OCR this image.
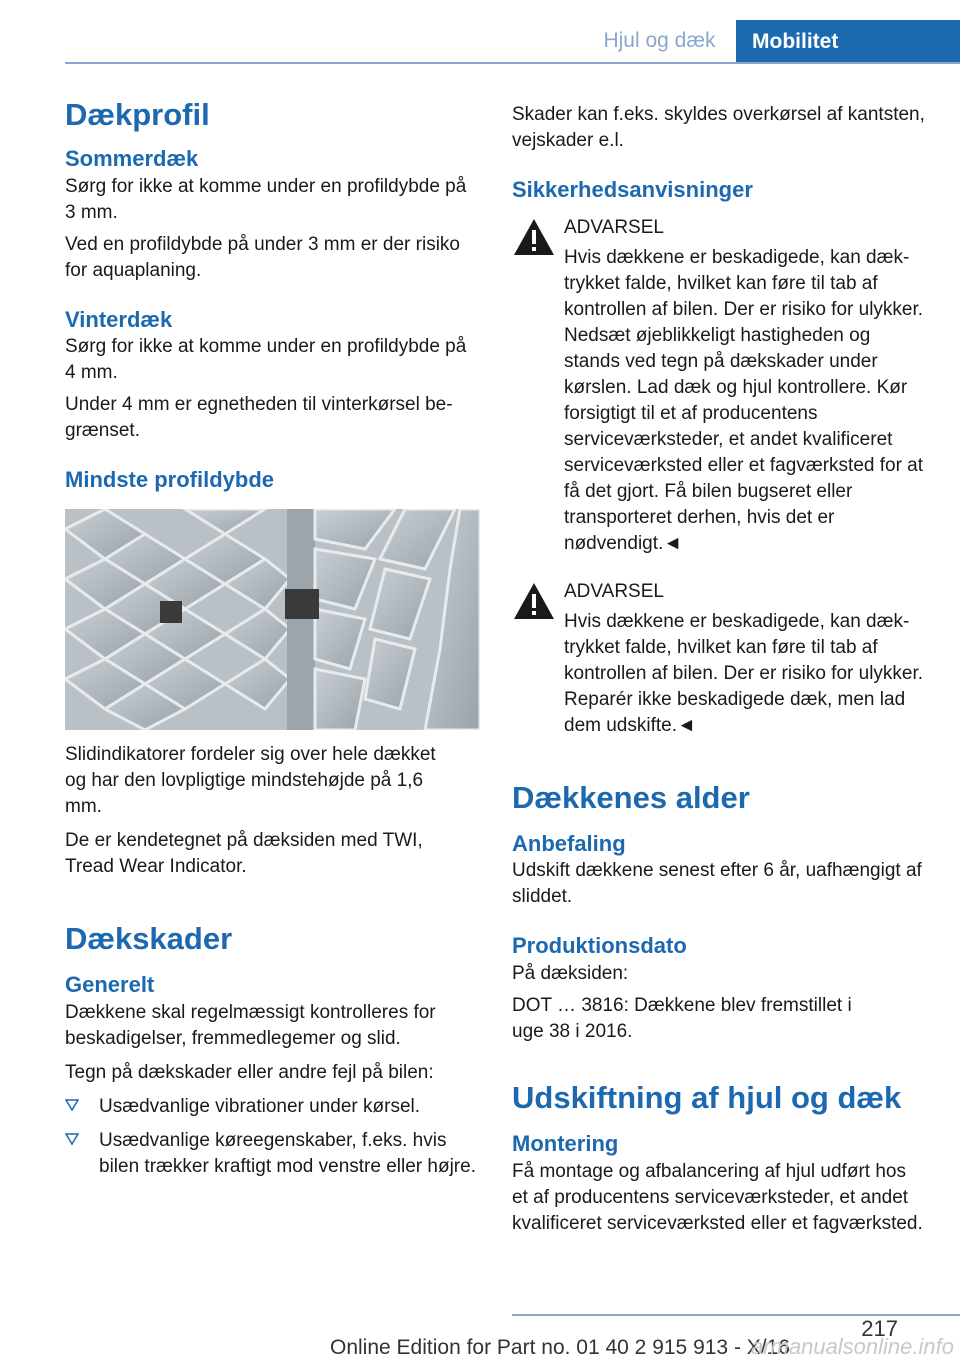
Hjul og dæk	Mobilitet
Dækprofil
Sommerdæk

Sørg for ikke at komme under en profildybde på 3 mm.

Ved en profildybde på under 3 mm er der risiko for aquaplaning.

Vinterdæk

Sørg for ikke at komme under en profildybde på 4 mm.

Under 4 mm er egnetheden til vinterkørsel begrænset.

Mindste profildybde

Slidindikatorer fordeler sig over hele dækket og har den lovpligtige mindstehøjde på 1,6 mm.

De er kendetegnet på dæksiden med TWI, Tread Wear Indicator.

Dækskader
Generelt

Dækkene skal regelmæssigt kontrolleres for beskadigelser, fremmedlegemer og slid.

Tegn på dækskader eller andre fejl på bilen:

Usædvanlige vibrationer under kørsel.
Usædvanlige køreegenskaber, f.eks. hvis bilen trækker kraftigt mod venstre eller højre.

Skader kan f.eks. skyldes overkørsel af kantsten, vejskader e.l.

Sikkerhedsanvisninger

ADVARSEL

Hvis dækkene er beskadigede, kan dæktrykket falde, hvilket kan føre til tab af kontrollen af bilen. Der er risiko for ulykker. Nedsæt øjeblikkeligt hastigheden og stands ved tegn på dækskader under kørslen. Lad dæk og hjul kontrollere. Kør forsigtigt til et af producentens serviceværksteder, et andet kvalificeret serviceværksted eller et fagværksted for at få det gjort. Få bilen bugseret eller transporteret derhen, hvis det er nødvendigt.◄

ADVARSEL

Hvis dækkene er beskadigede, kan dæktrykket falde, hvilket kan føre til tab af kontrollen af bilen. Der er risiko for ulykker. Reparér ikke beskadigede dæk, men lad dem udskifte.◄

Dækkenes alder
Anbefaling

Udskift dækkene senest efter 6 år, uafhængigt af sliddet.

Produktionsdato

På dæksiden:

DOT … 3816: Dækkene blev fremstillet i uge 38 i 2016.

Udskiftning af hjul og dæk
Montering

Få montage og afbalancering af hjul udført hos et af producentens serviceværksteder, et andet kvalificeret serviceværksted eller et fagværksted.

217
Online Edition for Part no. 01 40 2 915 913 - X/16
armanualsonline.info
